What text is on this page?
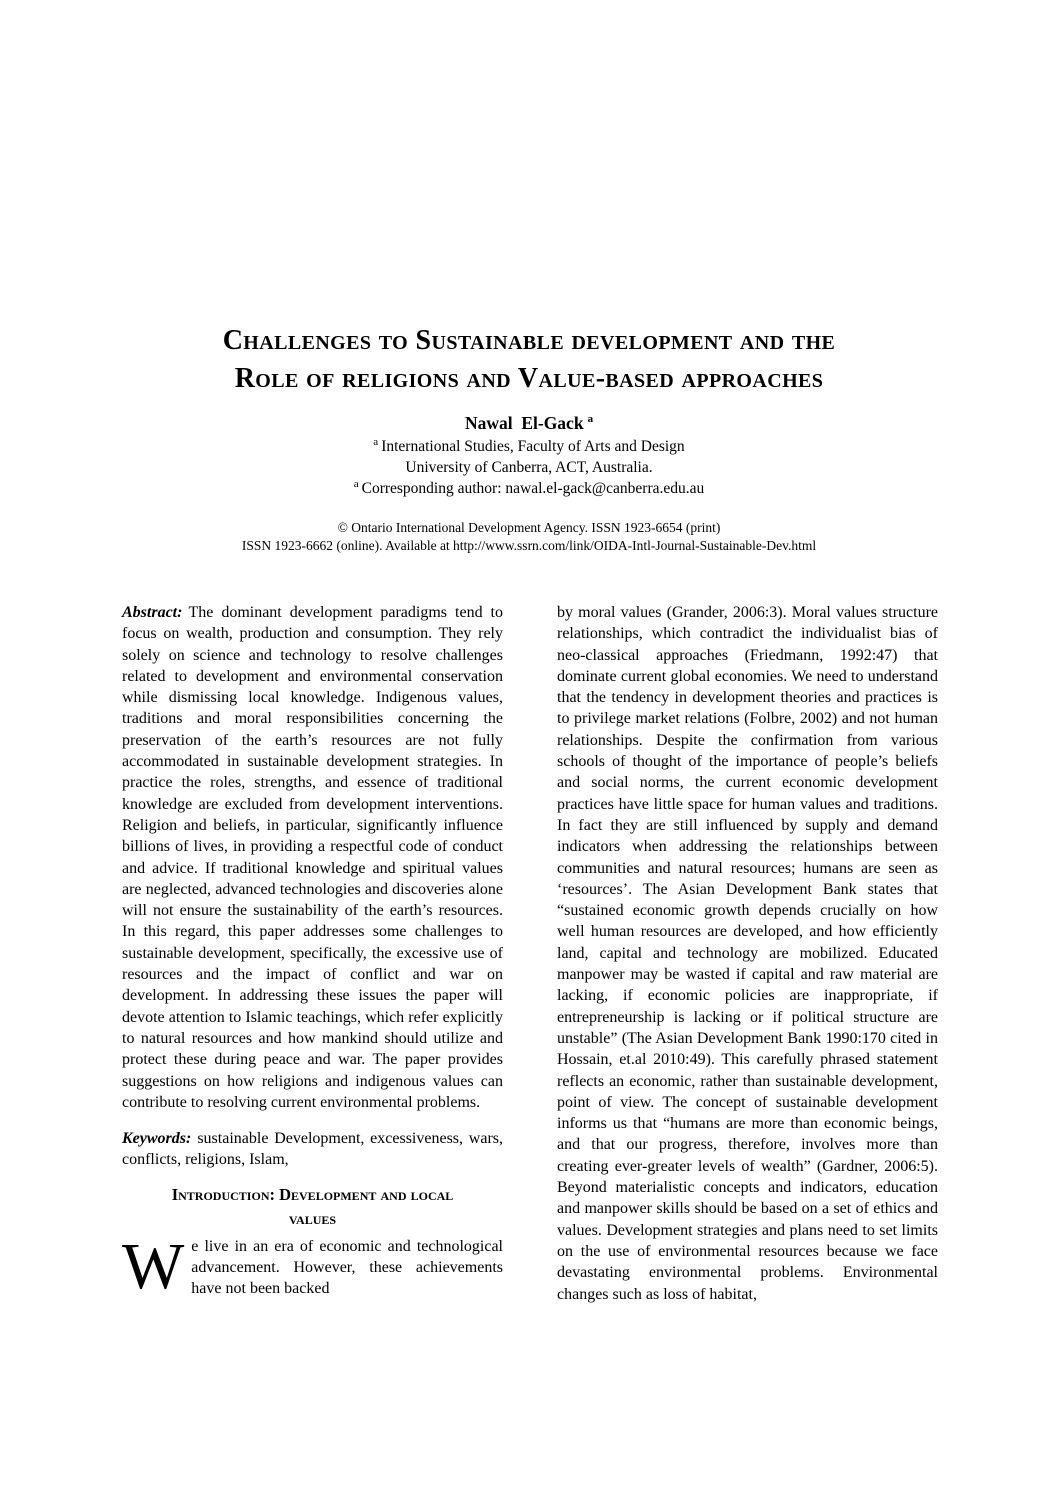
Challenges to Sustainable development and the
Role of religions and Value-based approaches
Nawal  El-Gack $^a$
$^a$ International Studies, Faculty of Arts and Design
University of Canberra, ACT, Australia.
$^a$ Corresponding author: nawal.el-gack@canberra.edu.au
© Ontario International Development Agency. ISSN 1923-6654 (print)
ISSN 1923-6662 (online). Available at http://www.ssrn.com/link/OIDA-Intl-Journal-Sustainable-Dev.html

Abstract: The dominant development paradigms tend to focus on wealth, production and consumption. They rely solely on science and technology to resolve challenges related to development and environmental conservation while dismissing local knowledge. Indigenous values, traditions and moral responsibilities concerning the preservation of the earth’s resources are not fully accommodated in sustainable development strategies. In practice the roles, strengths, and essence of traditional knowledge are excluded from development interventions. Religion and beliefs, in particular, significantly influence billions of lives, in providing a respectful code of conduct and advice. If traditional knowledge and spiritual values are neglected, advanced technologies and discoveries alone will not ensure the sustainability of the earth’s resources. In this regard, this paper addresses some challenges to sustainable development, specifically, the excessive use of resources and the impact of conflict and war on development. In addressing these issues the paper will devote attention to Islamic teachings, which refer explicitly to natural resources and how mankind should utilize and protect these during peace and war. The paper provides suggestions on how religions and indigenous values can contribute to resolving current environmental problems.

Keywords: sustainable Development, excessiveness, wars, conflicts, religions, Islam,

Introduction: Development and local values

We live in an era of economic and technological advancement. However, these achievements have not been backed

by moral values (Grander, 2006:3). Moral values structure relationships, which contradict the individualist bias of neo-classical approaches (Friedmann, 1992:47) that dominate current global economies. We need to understand that the tendency in development theories and practices is to privilege market relations (Folbre, 2002) and not human relationships. Despite the confirmation from various schools of thought of the importance of people’s beliefs and social norms, the current economic development practices have little space for human values and traditions. In fact they are still influenced by supply and demand indicators when addressing the relationships between communities and natural resources; humans are seen as ‘resources’. The Asian Development Bank states that “sustained economic growth depends crucially on how well human resources are developed, and how efficiently land, capital and technology are mobilized. Educated manpower may be wasted if capital and raw material are lacking, if economic policies are inappropriate, if entrepreneurship is lacking or if political structure are unstable” (The Asian Development Bank 1990:170 cited in Hossain, et.al 2010:49). This carefully phrased statement reflects an economic, rather than sustainable development, point of view. The concept of sustainable development informs us that “humans are more than economic beings, and that our progress, therefore, involves more than creating ever-greater levels of wealth” (Gardner, 2006:5). Beyond materialistic concepts and indicators, education and manpower skills should be based on a set of ethics and values. Development strategies and plans need to set limits on the use of environmental resources because we face devastating environmental problems. Environmental changes such as loss of habitat,
